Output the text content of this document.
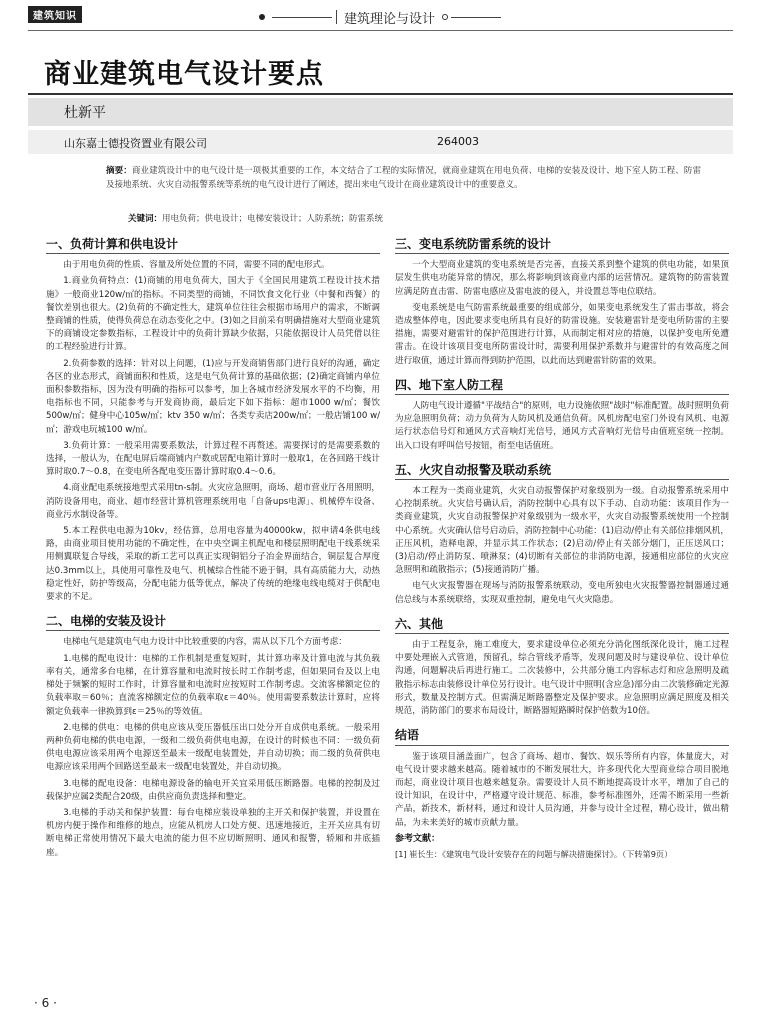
建筑知识	建筑理论与设计
商业建筑电气设计要点
杜新平
山东嘉士德投资置业有限公司	264003
摘要：商业建筑设计中的电气设计是一项极其重要的工作，本文结合了工程的实际情况，就商业建筑在用电负荷、电梯的安装及设计、地下室人防工程、防雷及接地系统、火灾自动报警系统等系统的电气设计进行了阐述，提出来电气设计在商业建筑设计中的重要意义。
关键词：用电负荷；供电设计；电梯安装设计；人防系统；防雷系统
一、负荷计算和供电设计

由于用电负荷的性质、容量及所处位置的不同，需要不同的配电形式。

1.商业负荷特点：(1)商铺的用电负荷大，国大于《全国民用建筑工程设计技术措施》一般商业120w/㎡的指标。不同类型的商铺，不同饮食文化行业（中餐和西餐）的餐饮差别也很大。(2)负荷的不确定性大，建筑单位往往会根据市场用户的需求，不断调整商铺的性质，使得负荷总在动态变化之中。(3)如之目前采有明确措施对大型商业建筑下的商铺设定参数指标，工程设计中的负荷计算缺少依据，只能依据设计人员凭借以往的工程经验进行计算。

2.负荷参数的选择：针对以上问题，(1)应与开发商销售部门进行良好的沟通，确定各区的业态形式，商铺面积和性质，这是电气负荷计算的基础依据；(2)确定商铺内单位面积参数指标，因为没有明确的指标可以参考，加上各城市经济发展水平的不均衡，用电指标也不同，只能参考与开发商协商，最后定下如下指标：超市1000 w/㎡；餐饮500w/㎡；健身中心105w/㎡；ktv 350 w/㎡；各类专卖店200w/㎡；一般店铺100 w/㎡；游戏电玩城100 w/㎡。

3.负荷计算：一般采用需要系数法，计算过程不再赘述。需要探讨的是需要系数的选择，一般认为，在配电屏后端商铺内户数或居配电箱计算时一般取1，在各回路干线计算时取0.7～0.8，在变电所各配电变压器计算时取0.4～0.6。

4.商业配电系统接地型式采用tn-s制。火灾应急照明，商场、超市营业厅各用照明，消防设备用电，商业、超市经营计算机管理系统用电「自备ups电源」、机械停车设备、商业污水制设备等。

5.本工程供电电源为10kv，经估算，总用电容量为40000kw，拟申请4条供电线路，由商业项目使用功能的不确定性，在中央空调主机配电和楼层照明配电干线系统采用侧翼联复合导线，采取的新工艺可以真正实现铜铝分子冶金界面结合，铜层复合厚度达0.3mm以上，具使用可靠性及电气、机械综合性能不逊于铜，具有高质能力大，动热稳定性好，防护等级高，分配电能力低等优点，解决了传统的绝缘电线电缆对于供配电要求的不足。

二、电梯的安装及设计

电梯电气是建筑电气电力设计中比较重要的内容，需从以下几个方面考虑：

1.电梯的配电设计：电梯的工作机制是重复短时，其计算功率及计算电流与其负载率有关，通常多台电梯，在计算容量和电流时按长时工作制考虑，但如果同台及以上电梯处于频繁的短时工作时，计算容量和电流时应按短时工作制考虑。交流客梯额定位的负载率取＝60％；直流客梯额定位的负载率取ε＝40％。使用需要系数法计算时，应将额定负载率一律换算到ε＝25％的等效值。

2.电梯的供电：电梯的供电应该从变压器低压出口处分开自成供电系统。一般采用两种负荷电梯的供电电源，一级和二级负荷供电电源，在设计的时候也不同：一级负荷供电电源应该采用两个电源送至最末一级配电装置处，并自动切换；而二级的负荷供电电源应该采用两个回路送至最末一级配电装置处，并自动切换。

3.电梯的配电设备：电梯电源设备的输电开关宜采用低压断路器。电梯的控制及过载保护应属2类配合20级，由供应商负责选择和整定。

3.电梯的手动关和保护装置：每台电梯应装设单独的主开关和保护装置，并设置在机房内便于操作和维修的地点，应能从机房人口处方便、迅速地接近，主开关应具有切断电梯正常使用情况下最大电流的能力但不应切断照明、通风和报警，轿厢和井底插座。

三、变电系统防雷系统的设计

一个大型商业建筑的变电系统是否完善，直接关系到整个建筑的供电功能，如果顶层发生供电功能异常的情况，那么将影响到该商业内部的运营情况。建筑物的防雷装置应满足防直击雷、防雷电感应及雷电波的侵入，并设置总等电位联结。

变电系统是电气防雷系统最重要的组成部分，如果变电系统发生了雷击事故，将会造成整体停电，因此要求变电所具有良好的防雷设施。安装避雷针是变电所防雷的主要措施，需要对避雷针的保护范围进行计算，从而制定相对应的措施，以保护变电所免遭雷击。在设计该项目变电所防雷设计时，需要利用保护系数并与避雷针的有效高度之间进行取值，通过计算而得到防护范围，以此而达到避雷针防雷的效果。

四、地下室人防工程

人防电气设计遵循"平战结合"的原则，电力设施依照"战时"标准配置。战时照明负荷为应急照明负荷；动力负荷为人防风机及通信负荷。风机房配电室门外设有风机、电源运行状态信号灯和通风方式音响灯光信号，通风方式音响灯光信号由值班室统一控制。出入口设有呼叫信号按钮，衔至电话值班。

五、火灾自动报警及联动系统

本工程为一类商业建筑，火灾自动报警保护对象级别为一级。自动报警系统采用中心控制系统。火灾信号确认后，消防控制中心具有以下手动、自动功能：该项目作为一类商业建筑，火灾自动报警保护对象级别为一级水平，火灾自动报警系统使用一个控制中心系统。火灾确认信号启动后，消防控制中心功能：(1)启动/停止有关部位排烟风机，正压风机，造释电源，并显示其工作状态；(2)启动/停止有关部分烟门，正压送风口；(3)启动/停止消防泵、喷淋泵；(4)切断有关部位的非消防电源，接通相应部位的火灾应急照明和疏散指示；(5)接通消防广播。

电气火灾报警器在现场与消防报警系统联动，变电所独电火灾报警器控制器通过通信总线与本系统联络，实现双重控制，避免电气火灾隐患。

六、其他

由于工程复杂，施工难度大，要求建设单位必须充分消化图纸深化设计，施工过程中要处理嵌入式管道，预留孔，综合管线矛盾等，发现问题及时与建设单位、设计单位沟通，问题解决后再进行施工。二次装修中，公共部分施工内容标志灯和应急照明及疏散指示标志由装修设计单位另行设计。电气设计中照明(含应急)部分由二次装修确定光源形式，数量及控制方式。但需满足断路器整定及保护要求。应急照明应满足照度及相关规范，消防部门的要求布局设计，断路器短路瞬时保护倍数为10倍。

结语

鉴于该项目涵盖面广，包含了商场、超市、餐饮、娱乐等所有内容，体量庞大，对电气设计要求越来越高。随着城市的不断发展壮大，许多现代化大型商业综合项目脱地而起，商业设计项目也越来越复杂。需要设计人员不断地提高设计水平，增加了自己的设计知识，在设计中，严格遵守设计规范、标准，参考标准图外，还需不断采用一些新产品，新技术，新材料，通过和设计人员沟通，并参与设计全过程，精心设计，做出精品，为未来美好的城市贡献力量。

参考文献：
[1] 崔长生：《建筑电气设计安装存在的问题与解决措施探讨》。（下转第9页）
· 6 ·
